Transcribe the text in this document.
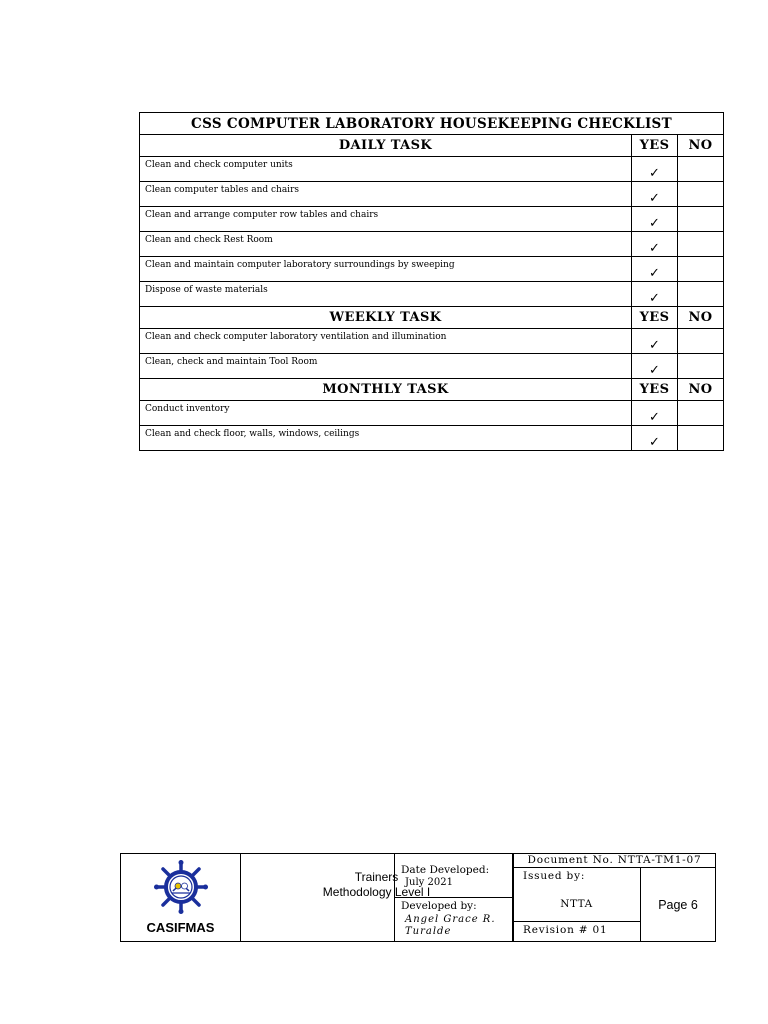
CSS COMPUTER LABORATORY HOUSEKEEPING CHECKLIST		
DAILY TASK	YES	NO
Clean and check computer units	✓	
Clean computer tables and chairs	✓	
Clean and arrange computer row tables and chairs	✓	
Clean and check Rest Room	✓	
Clean and maintain computer laboratory surroundings by sweeping	✓	
Dispose of waste materials	✓	
WEEKLY TASK	YES	NO
Clean and check computer laboratory ventilation and illumination	✓	
Clean, check and maintain Tool Room	✓	
MONTHLY TASK	YES	NO
Conduct inventory	✓	
Clean and check floor, walls, windows, ceilings	✓	
CASIFMAS
Trainers
Methodology Level I
Date Developed:
July 2021
Developed by:
Angel Grace R. Turalde
Document No. NTTA-TM1-07
Issued by:
NTTA
Revision # 01
Page 6
